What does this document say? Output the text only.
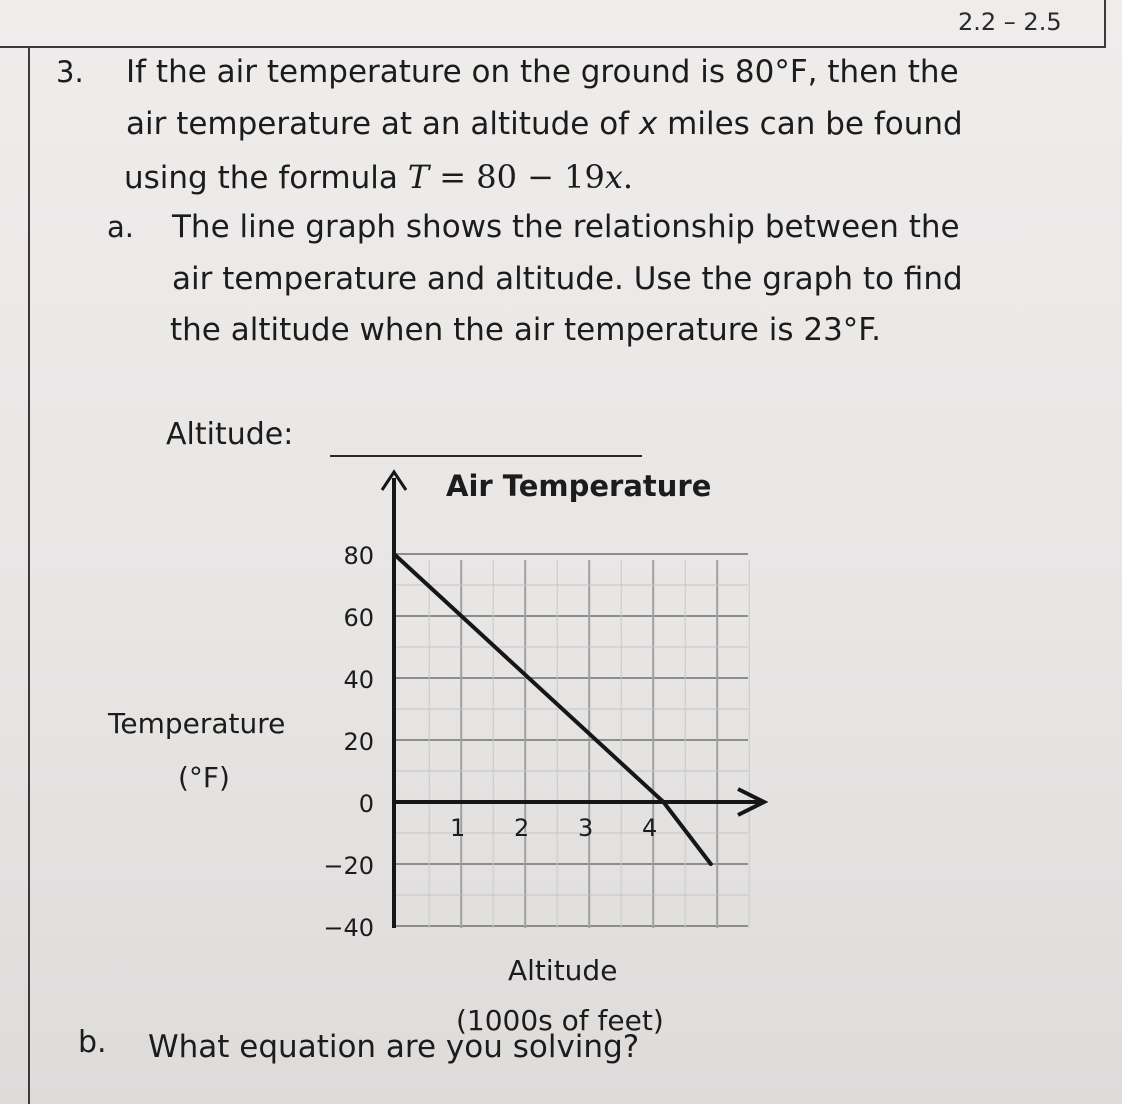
2.2 – 2.5
3. If the air temperature on the ground is 80°F, then the
air temperature at an altitude of x miles can be found
using the formula T = 80 − 19x.
a. The line graph shows the relationship between the
air temperature and altitude. Use the graph to find
the altitude when the air temperature is 23°F.
Altitude:
80
60
40
20
0
−20
−40
1 2 3 4
Air Temperature
Temperature
(°F)
Altitude
(1000s of feet)
b. What equation are you solving?
